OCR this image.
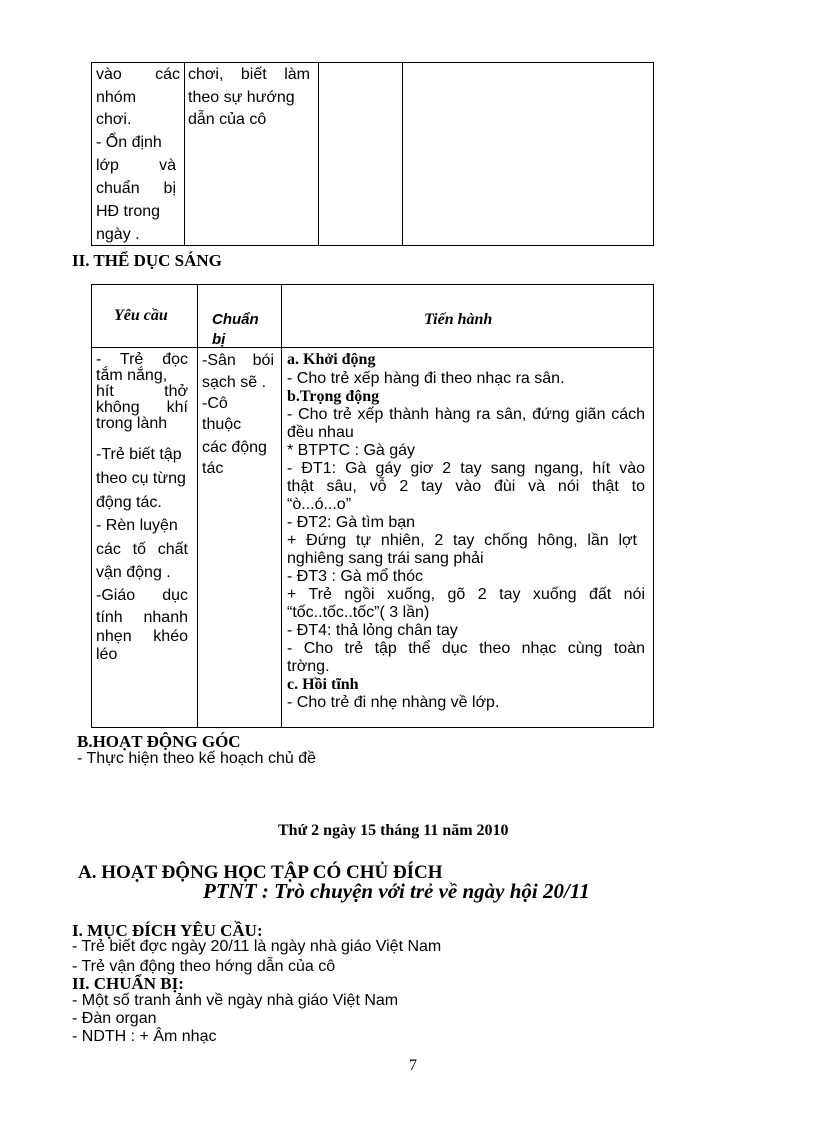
vào các
nhóm
chơi.
- Ổn định
lớp và
chuẩn bị
HĐ trong
ngày .
chơi, biết làm
theo sự hướng
dẫn của cô
II. THỂ DỤC SÁNG
Yêu cầu	Chuẩn bị
Tiến hành
- Trẻ đọc
tắm nắng,
hít thở
không khí
trong lành
-Trẻ biết tập
theo cụ từng
động tác.
- Rèn luyện
các tố chất
vận động .
-Giáo dục
tính nhanh
nhẹn khéo
léo
-Sân bói
sạch sẽ .
-Cô
thuộc
các động
tác
a. Khởi động
- Cho trẻ xếp hàng đi theo nhạc ra sân.
b.Trọng động
- Cho trẻ xếp thành hàng ra sân, đứng giãn cách
đều nhau
* BTPTC : Gà gáy
- ĐT1: Gà gáy giơ 2 tay sang ngang, hít vào
thật sâu, vỗ 2 tay vào đùi và nói thật to
“ò...ó...o”
- ĐT2: Gà tìm bạn
+ Đứng tự nhiên, 2 tay chống hông, lần lợt
nghiêng sang trái sang phải
- ĐT3 : Gà mổ thóc
+ Trẻ ngồi xuống, gõ 2 tay xuống đất nói
“tốc..tốc..tốc”( 3 lần)
- ĐT4: thả lỏng chân tay
- Cho trẻ tập thể dục theo nhạc cùng toàn
trờng.
c. Hồi tĩnh
- Cho trẻ đi nhẹ nhàng về lớp.
B.HOẠT ĐỘNG GÓC
- Thực hiện theo kế hoạch chủ đề
Thứ 2 ngày 15 tháng 11 năm 2010
A. HOẠT ĐỘNG HỌC TẬP CÓ CHỦ ĐÍCH
PTNT : Trò chuyện với trẻ về ngày hội 20/11
I. MỤC ĐÍCH YÊU CẦU:
- Trẻ biết đợc ngày 20/11 là ngày nhà giáo Việt Nam
- Trẻ vận động theo hớng dẫn của cô
II. CHUẨN BỊ:
- Một số tranh ảnh về ngày nhà giáo Việt Nam
- Đàn organ
- NDTH : + Âm nhạc
7
